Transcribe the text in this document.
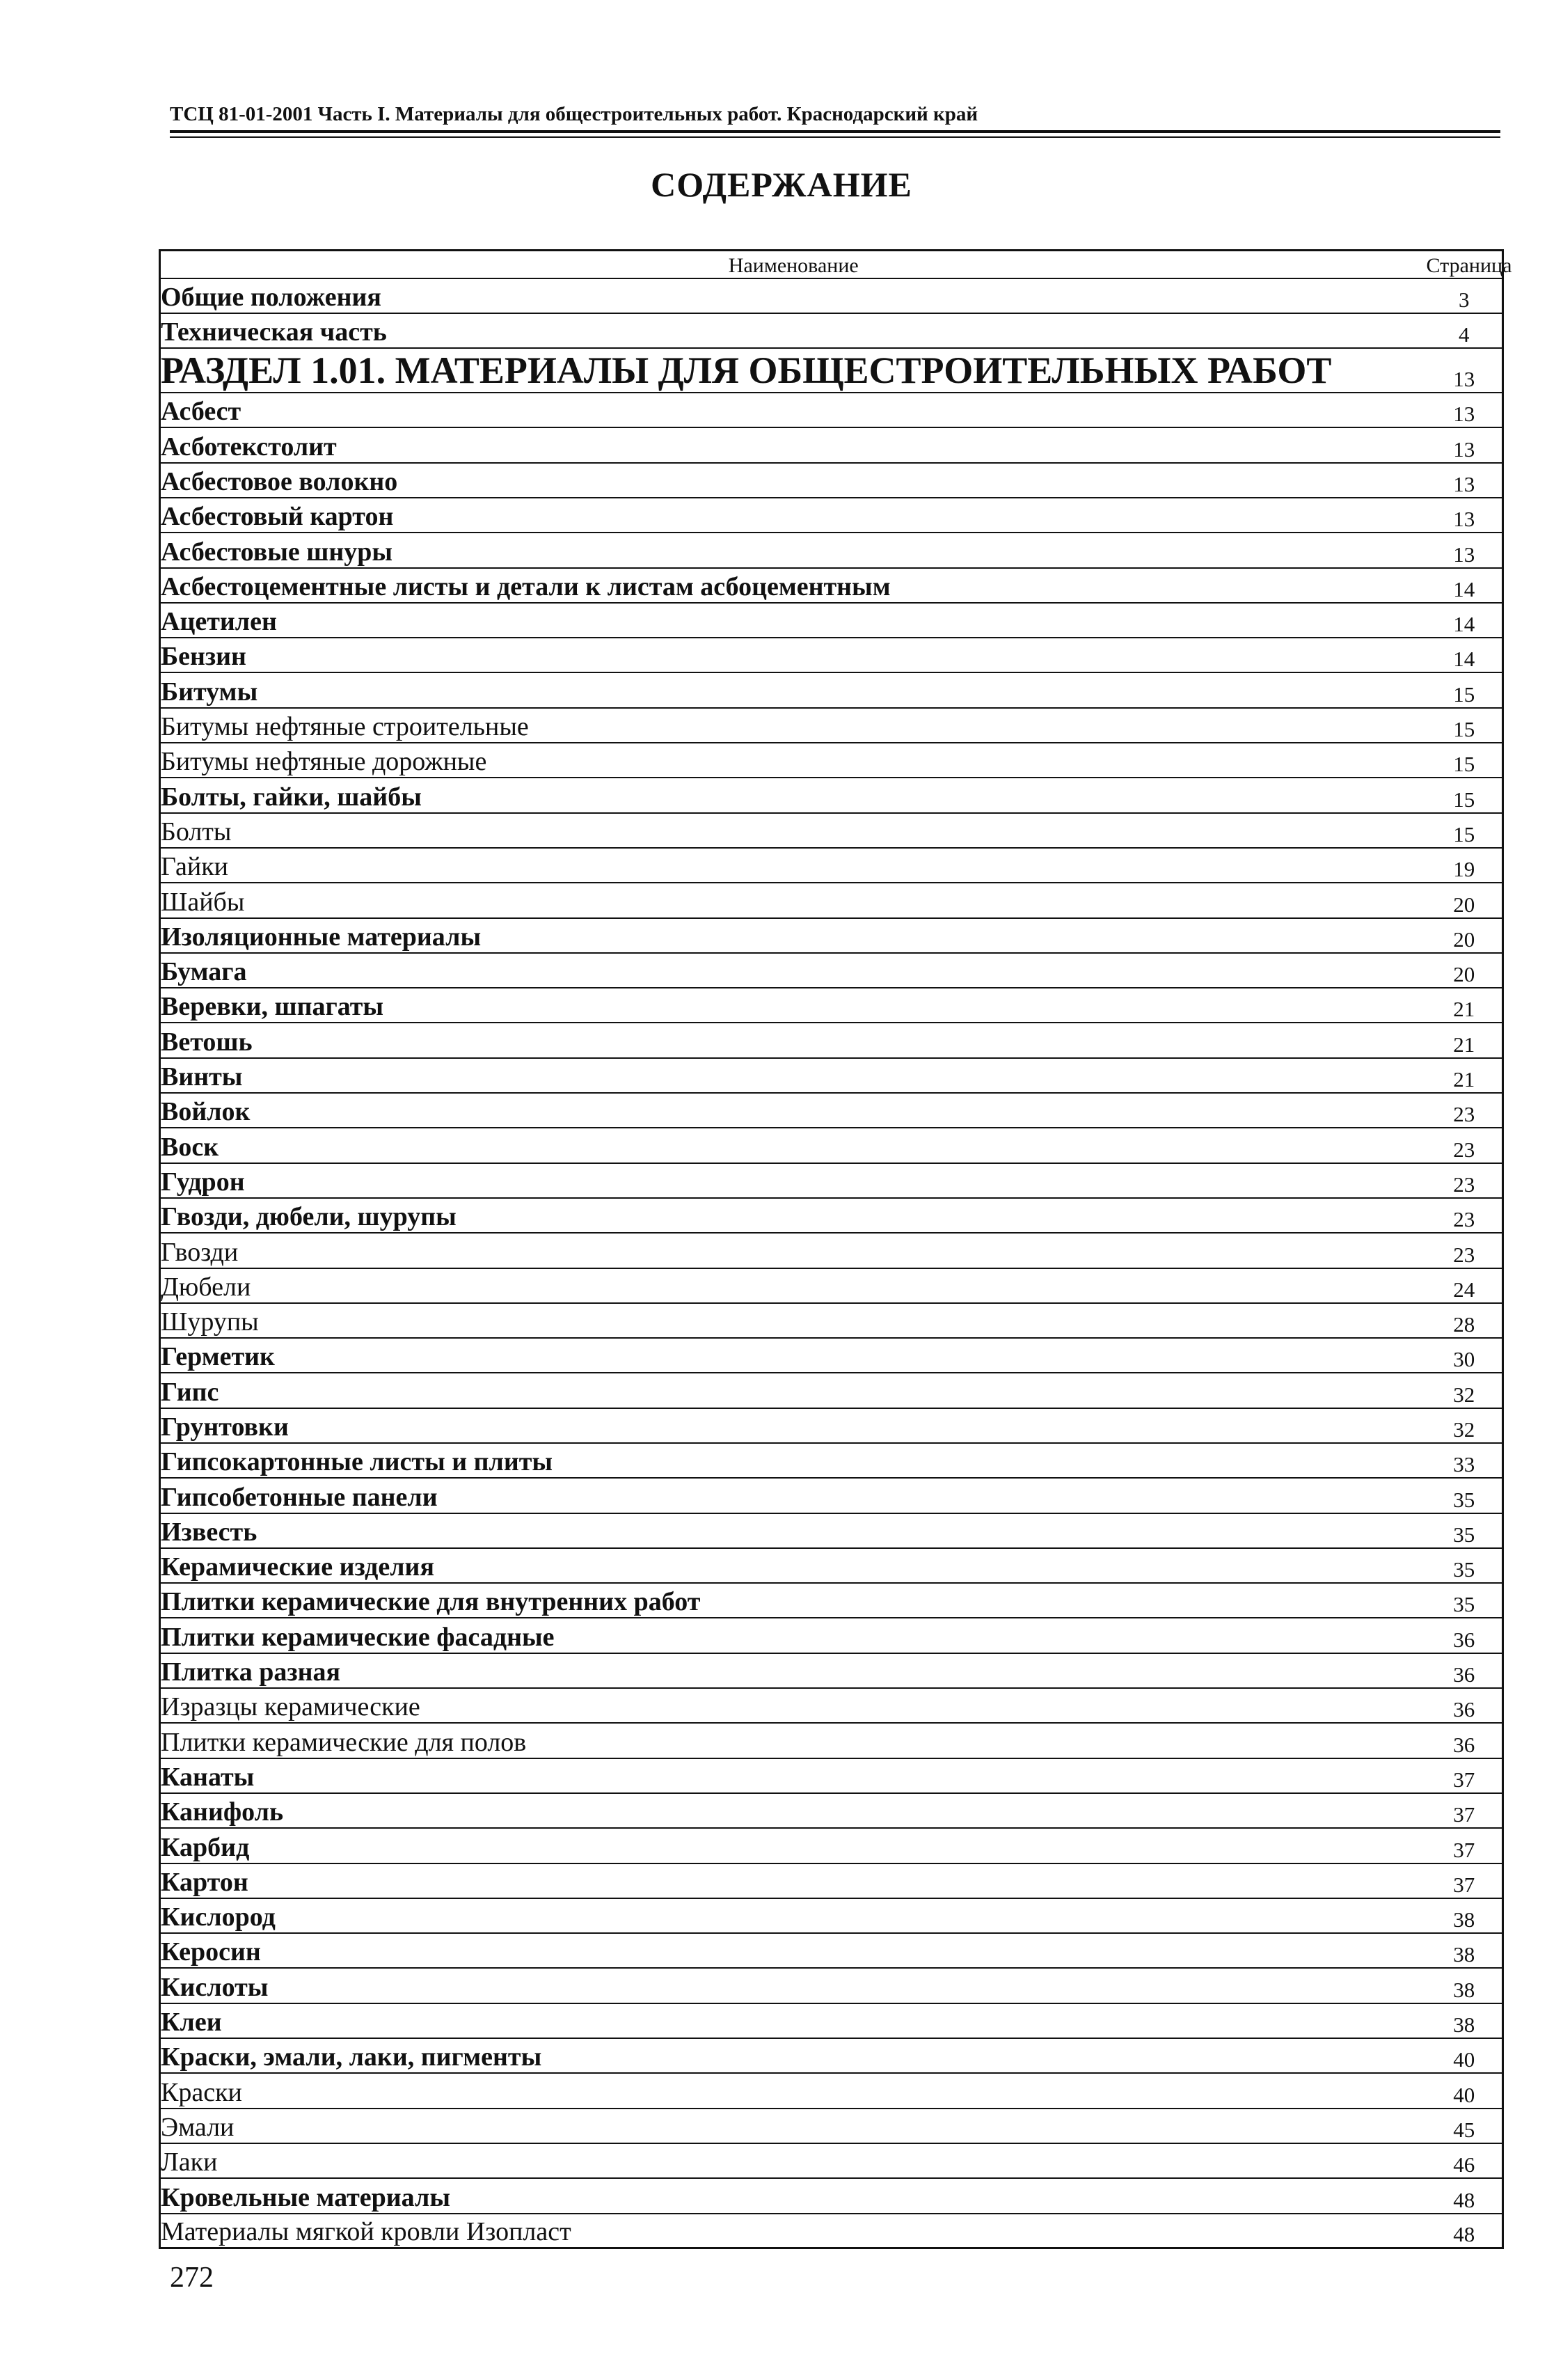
ТСЦ 81-01-2001 Часть I. Материалы для общестроительных работ. Краснодарский край
СОДЕРЖАНИЕ
Наименование	Страница
Общие положения	3
Техническая часть	4
РАЗДЕЛ 1.01. МАТЕРИАЛЫ ДЛЯ ОБЩЕСТРОИТЕЛЬНЫХ РАБОТ	13
Асбест	13
Асботекстолит	13
Асбестовое волокно	13
Асбестовый картон	13
Асбестовые шнуры	13
Асбестоцементные листы и детали к листам асбоцементным	14
Ацетилен	14
Бензин	14
Битумы	15
Битумы нефтяные строительные	15
Битумы нефтяные дорожные	15
Болты, гайки, шайбы	15
Болты	15
Гайки	19
Шайбы	20
Изоляционные материалы	20
Бумага	20
Веревки, шпагаты	21
Ветошь	21
Винты	21
Войлок	23
Воск	23
Гудрон	23
Гвозди, дюбели, шурупы	23
Гвозди	23
Дюбели	24
Шурупы	28
Герметик	30
Гипс	32
Грунтовки	32
Гипсокартонные листы и плиты	33
Гипсобетонные панели	35
Известь	35
Керамические изделия	35
Плитки керамические для внутренних работ	35
Плитки керамические фасадные	36
Плитка разная	36
Изразцы керамические	36
Плитки керамические для полов	36
Канаты	37
Канифоль	37
Карбид	37
Картон	37
Кислород	38
Керосин	38
Кислоты	38
Клеи	38
Краски, эмали, лаки, пигменты	40
Краски	40
Эмали	45
Лаки	46
Кровельные материалы	48
Материалы мягкой кровли Изопласт	48
272
